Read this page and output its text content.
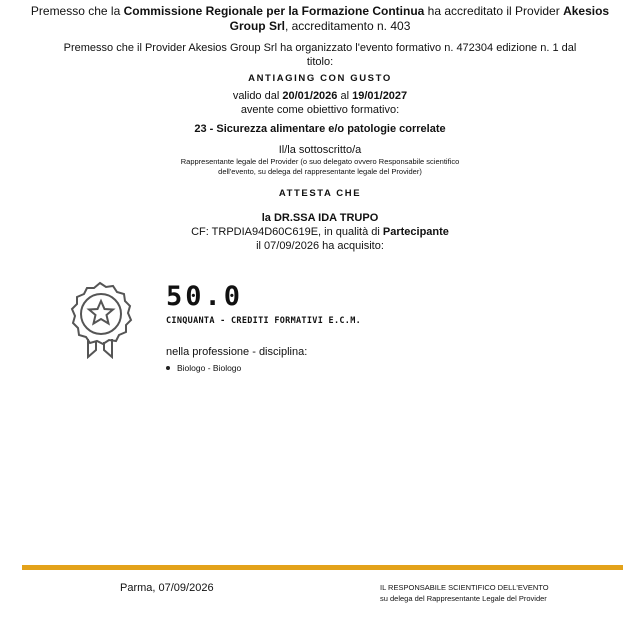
Premesso che la Commissione Regionale per la Formazione Continua ha accreditato il Provider Akesios
Group Srl, accreditamento n. 403
Premesso che il Provider Akesios Group Srl ha organizzato l'evento formativo n. 472304 edizione n. 1 dal
titolo:
ANTIAGING CON GUSTO
valido dal 20/01/2026 al 19/01/2027
avente come obiettivo formativo:
23 - Sicurezza alimentare e/o patologie correlate
Il/la sottoscritto/a
Rappresentante legale del Provider (o suo delegato ovvero Responsabile scientifico
dell'evento, su delega del rappresentante legale del Provider)
ATTESTA CHE
la DR.SSA IDA TRUPO
CF: TRPDIA94D60C619E, in qualità di Partecipante
il 07/09/2026 ha acquisito:
50.0
CINQUANTA - CREDITI FORMATIVI E.C.M.
nella professione - disciplina:
Biologo - Biologo
Parma, 07/09/2026	IL RESPONSABILE SCIENTIFICO DELL'EVENTO
su delega del Rappresentante Legale del Provider
